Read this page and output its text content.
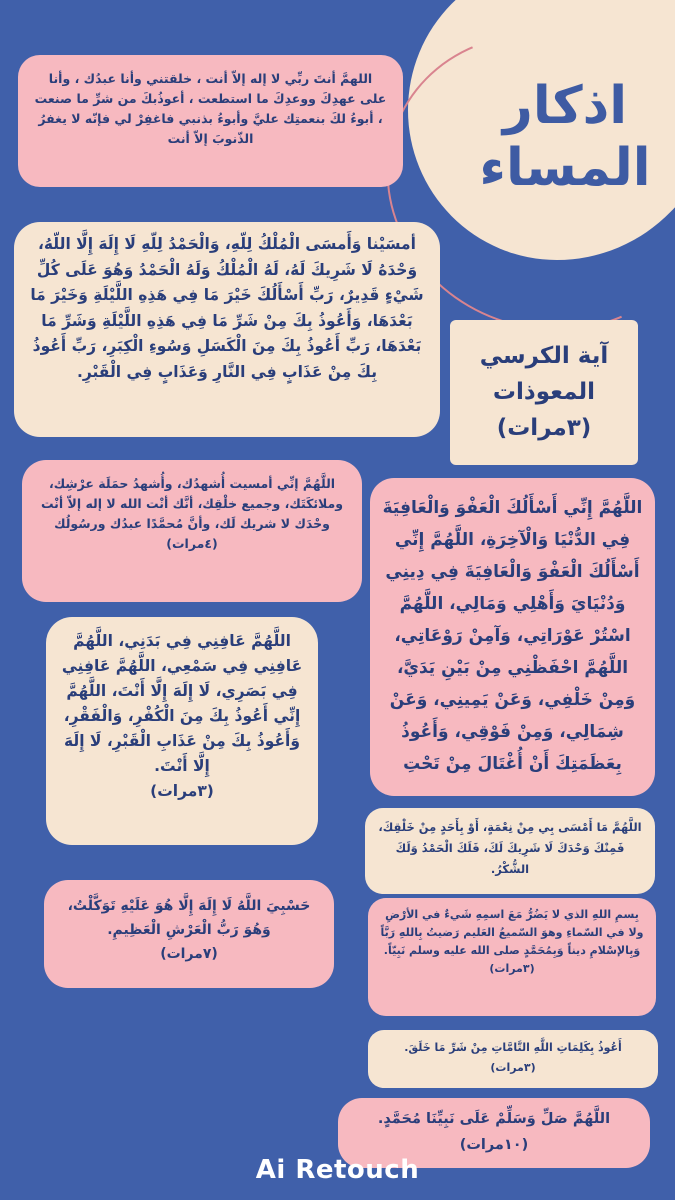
اذكار
المساء
اللهمَّ أنتَ ربِّي لا إله إلاّ أنت ، خلقتني وأنا عبدُك ، وأنا على عهدِكَ ووعدِكَ ما استطعت ، أعوذُبكَ من شرِّ ما صنعت ، أبوءُ لكَ بنعمتِك عليَّ وأبوءُ بذنبي فاغفِرْ لي فإنّه لا يغفرُ الذّنوبَ إلاّ أنت
أمسَيْنا وَأَمسَى الْمُلْكُ لِلّهِ، وَالْحَمْدُ لِلّهِ لَا إِلَهَ إِلَّا اللّهُ، وَحْدَهُ لَا شَرِيكَ لَهُ، لَهُ الْمُلْكُ وَلَهُ الْحَمْدُ وَهُوَ عَلَى كُلِّ شَيْءٍ قَدِيرٌ، رَبِّ أَسْأَلُكَ خَيْرَ مَا فِي هَذِهِ اللَّيْلَةِ وَخَيْرَ مَا بَعْدَهَا، وَأَعُوذُ بِكَ مِنْ شَرِّ مَا فِي هَذِهِ اللَّيْلَةِ وَشَرِّ مَا بَعْدَهَا، رَبِّ أَعُوذُ بِكَ مِنَ الْكَسَلِ وَسُوءِ الْكِبَرِ، رَبِّ أَعُوذُ بِكَ مِنْ عَذَابٍ فِي النَّارِ وَعَذَابٍ فِي الْقَبْرِ.
آية الكرسي
المعوذات
(٣مرات)
اللَّهُمَّ إنِّي أمسيت أُشهدُك، وأُشهدُ حمَلَة عرْشِك، وملائكَتَك، وجميع خلْقِك، أنَّك أنْت الله لا إله إلاّ أنْت وحْدَك لا شريك لَك، وأنَّ مُحمَّدًا عبدُك ورسُولُك
(٤مرات)
اللَّهُمَّ إِنِّي أَسْأَلُكَ الْعَفْوَ وَالْعَافِيَةَ فِي الدُّنْيَا وَالْآخِرَةِ، اللَّهُمَّ إِنِّي أَسْأَلُكَ الْعَفْوَ وَالْعَافِيَةَ فِي دِينِي وَدُنْيَايَ وَأَهْلِي وَمَالِي، اللَّهُمَّ اسْتُرْ عَوْرَاتِي، وَآمِنْ رَوْعَاتِي، اللَّهُمَّ احْفَظْنِي مِنْ بَيْنِ يَدَيَّ، وَمِنْ خَلْفِي، وَعَنْ يَمِينِي، وَعَنْ شِمَالِي، وَمِنْ فَوْقِي، وَأَعُوذُ بِعَظَمَتِكَ أَنْ أُغْتَالَ مِنْ تَحْتِ
اللَّهُمَّ عَافِنِي فِي بَدَنِي، اللَّهُمَّ عَافِنِي فِي سَمْعِي، اللَّهُمَّ عَافِنِي فِي بَصَرِي، لَا إِلَهَ إِلَّا أَنْتَ، اللَّهُمَّ إِنِّي أَعُوذُ بِكَ مِنَ الْكُفْرِ، وَالْفَقْرِ، وَأَعُوذُ بِكَ مِنْ عَذَابِ الْقَبْرِ، لَا إِلَهَ إِلَّا أَنْتَ.
(٣مرات)
اللَّهُمَّ مَا أَمْسَى بِي مِنْ نِعْمَةٍ، أَوْ بِأَحَدٍ مِنْ خَلْقِكَ، فَمِنْكَ وَحْدَكَ لَا شَرِيكَ لَكَ، فَلَكَ الْحَمْدُ وَلَكَ الشُّكْرُ.
حَسْبِيَ اللَّهُ لَا إِلَهَ إِلَّا هُوَ عَلَيْهِ تَوَكَّلْتُ، وَهُوَ رَبُّ الْعَرْشِ الْعَظِيمِ.
(٧مرات)
بِسمِ اللهِ الذي لا يَضُرُّ مَعَ اسمِهِ شَيءٌ في الأرْضِ ولا في السّماءِ وهوَ السّميعُ العَليم رَضيتُ بِاللهِ رَبَّاً وَبِالإسْلامِ ديناً وَبِمُحَمَّدٍ صلى الله عليه وسلم نَبِيّاً.
(٣مرات)
أَعُوذُ بِكَلِمَاتِ اللَّهِ التَّامَّاتِ مِنْ شَرِّ مَا خَلَقَ.
(٣مرات)
اللَّهُمَّ صَلِّ وَسَلِّمْ عَلَى نَبِيِّنَا مُحَمَّدٍ.
(١٠مرات)
Ai Retouch
